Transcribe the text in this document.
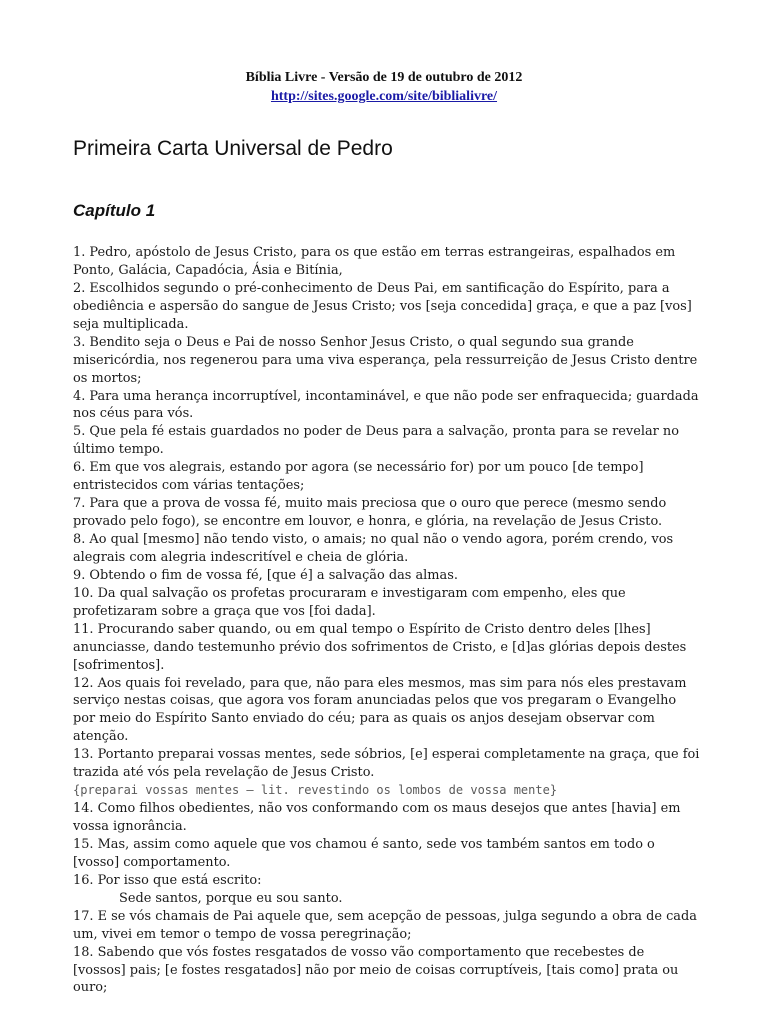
Bíblia Livre - Versão de 19 de outubro de 2012
http://sites.google.com/site/biblialivre/
Primeira Carta Universal de Pedro
Capítulo 1
1. Pedro, apóstolo de Jesus Cristo, para os que estão em terras estrangeiras, espalhados em Ponto, Galácia, Capadócia, Ásia e Bitínia,
2. Escolhidos segundo o pré-conhecimento de Deus Pai, em santificação do Espírito, para a obediência e aspersão do sangue de Jesus Cristo; vos [seja concedida] graça, e que a paz [vos] seja multiplicada.
3. Bendito seja o Deus e Pai de nosso Senhor Jesus Cristo, o qual segundo sua grande misericórdia, nos regenerou para uma viva esperança, pela ressurreição de Jesus Cristo dentre os mortos;
4. Para uma herança incorruptível, incontaminável, e que não pode ser enfraquecida; guardada nos céus para vós.
5. Que pela fé estais guardados no poder de Deus para a salvação, pronta para se revelar no último tempo.
6. Em que vos alegrais, estando por agora (se necessário for) por um pouco [de tempo] entristecidos com várias tentações;
7. Para que a prova de vossa fé, muito mais preciosa que o ouro que perece (mesmo sendo provado pelo fogo), se encontre em louvor, e honra, e glória, na revelação de Jesus Cristo.
8. Ao qual [mesmo] não tendo visto, o amais; no qual não o vendo agora, porém crendo, vos alegrais com alegria indescritível e cheia de glória.
9. Obtendo o fim de vossa fé, [que é] a salvação das almas.
10. Da qual salvação os profetas procuraram e investigaram com empenho, eles que profetizaram sobre a graça que vos [foi dada].
11. Procurando saber quando, ou em qual tempo o Espírito de Cristo dentro deles [lhes] anunciasse, dando testemunho prévio dos sofrimentos de Cristo, e [d]as glórias depois destes [sofrimentos].
12. Aos quais foi revelado, para que, não para eles mesmos, mas sim para nós eles prestavam serviço nestas coisas, que agora vos foram anunciadas pelos que vos pregaram o Evangelho por meio do Espírito Santo enviado do céu; para as quais os anjos desejam observar com atenção.
13. Portanto preparai vossas mentes, sede sóbrios, [e] esperai completamente na graça, que foi trazida até vós pela revelação de Jesus Cristo.
{preparai vossas mentes – lit. revestindo os lombos de vossa mente}
14. Como filhos obedientes, não vos conformando com os maus desejos que antes [havia] em vossa ignorância.
15. Mas, assim como aquele que vos chamou é santo, sede vos também santos em todo o [vosso] comportamento.
16. Por isso que está escrito:
Sede santos, porque eu sou santo.
17. E se vós chamais de Pai aquele que, sem acepção de pessoas, julga segundo a obra de cada um, vivei em temor o tempo de vossa peregrinação;
18. Sabendo que vós fostes resgatados de vosso vão comportamento que recebestes de [vossos] pais; [e fostes resgatados] não por meio de coisas corruptíveis, [tais como] prata ou ouro;
